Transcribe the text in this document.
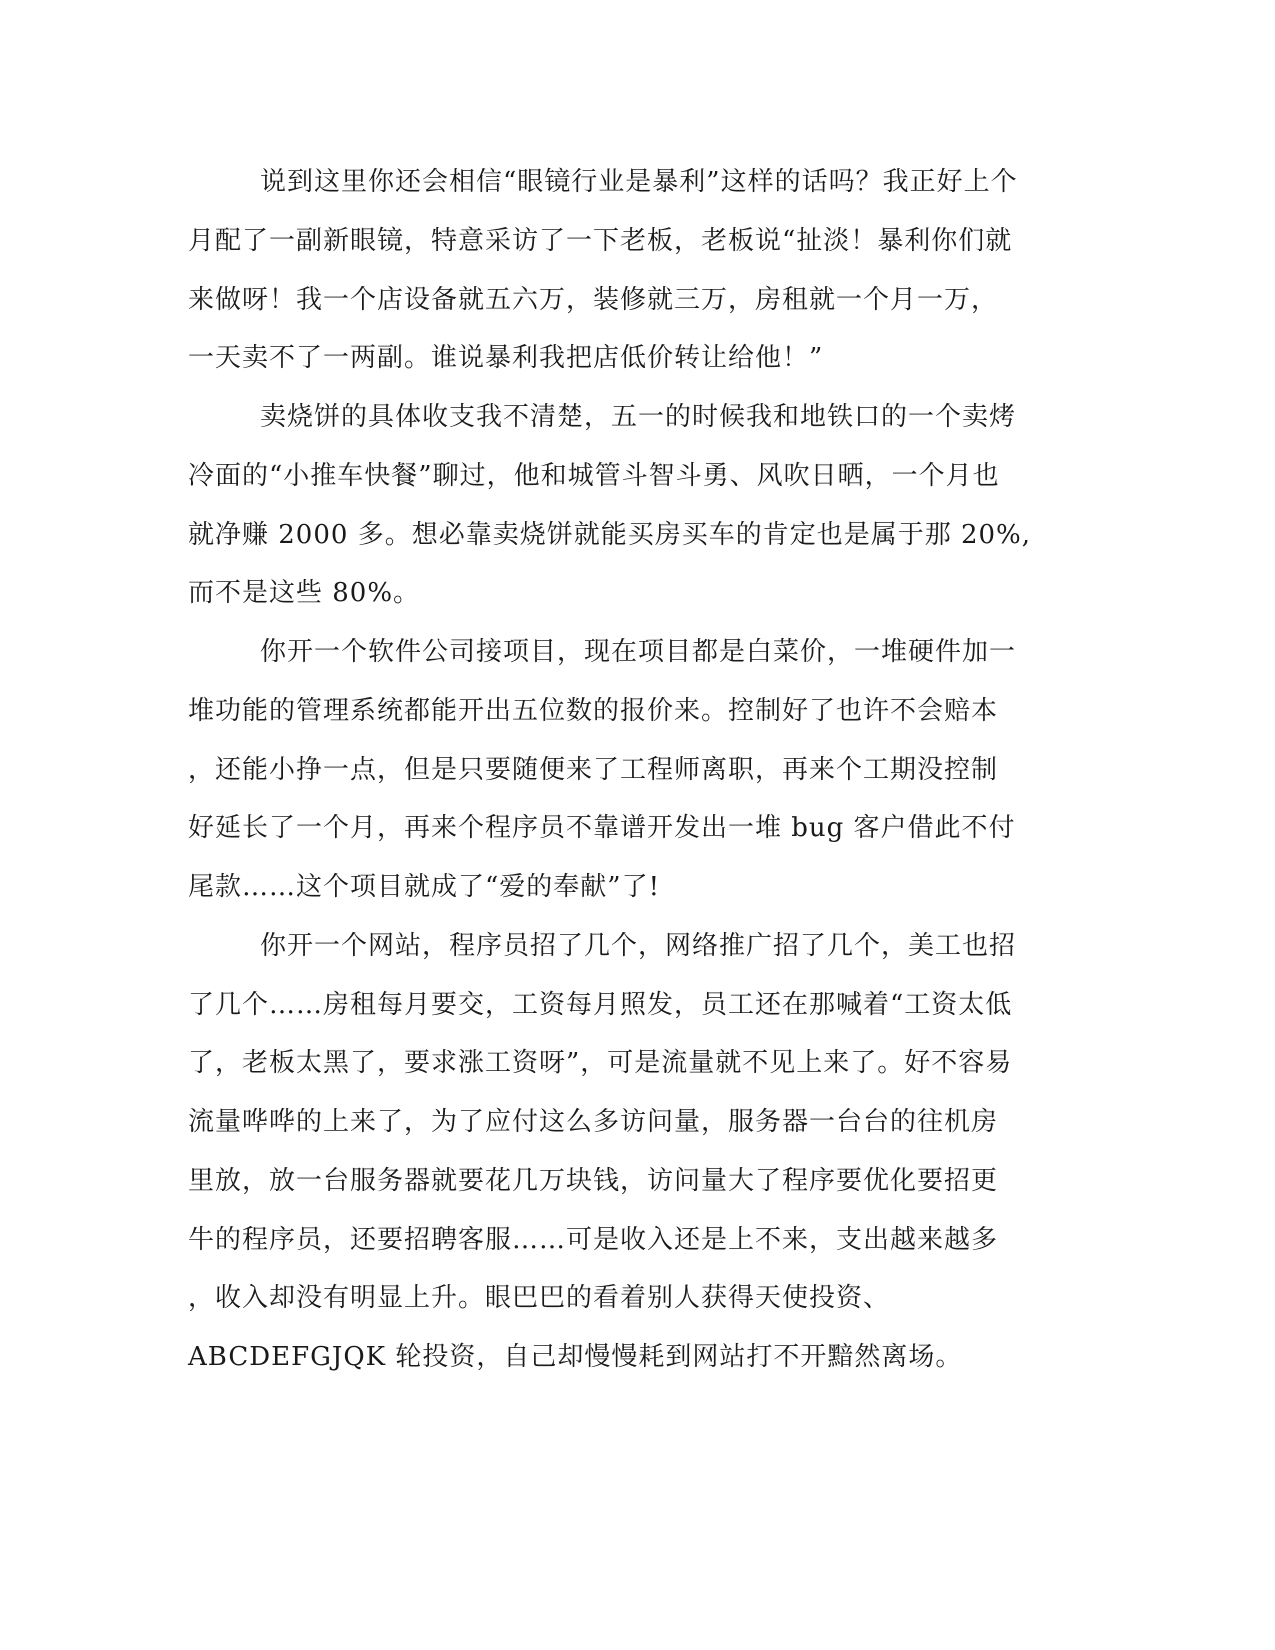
说到这里你还会相信“眼镜行业是暴利”这样的话吗？我正好上个
月配了一副新眼镜，特意采访了一下老板，老板说“扯淡！暴利你们就
来做呀！我一个店设备就五六万，装修就三万，房租就一个月一万，
一天卖不了一两副。谁说暴利我把店低价转让给他！”
卖烧饼的具体收支我不清楚，五一的时候我和地铁口的一个卖烤
冷面的“小推车快餐”聊过，他和城管斗智斗勇、风吹日晒，一个月也
就净赚 2000 多。想必靠卖烧饼就能买房买车的肯定也是属于那 20%,
而不是这些 80%。
你开一个软件公司接项目，现在项目都是白菜价，一堆硬件加一
堆功能的管理系统都能开出五位数的报价来。控制好了也许不会赔本
，还能小挣一点，但是只要随便来了工程师离职，再来个工期没控制
好延长了一个月，再来个程序员不靠谱开发出一堆 bug 客户借此不付
尾款……这个项目就成了“爱的奉献”了!
你开一个网站，程序员招了几个，网络推广招了几个，美工也招
了几个……房租每月要交，工资每月照发，员工还在那喊着“工资太低
了，老板太黑了，要求涨工资呀”，可是流量就不见上来了。好不容易
流量哗哗的上来了，为了应付这么多访问量，服务器一台台的往机房
里放，放一台服务器就要花几万块钱，访问量大了程序要优化要招更
牛的程序员，还要招聘客服……可是收入还是上不来，支出越来越多
，收入却没有明显上升。眼巴巴的看着别人获得天使投资、
ABCDEFGJQK 轮投资，自己却慢慢耗到网站打不开黯然离场。
